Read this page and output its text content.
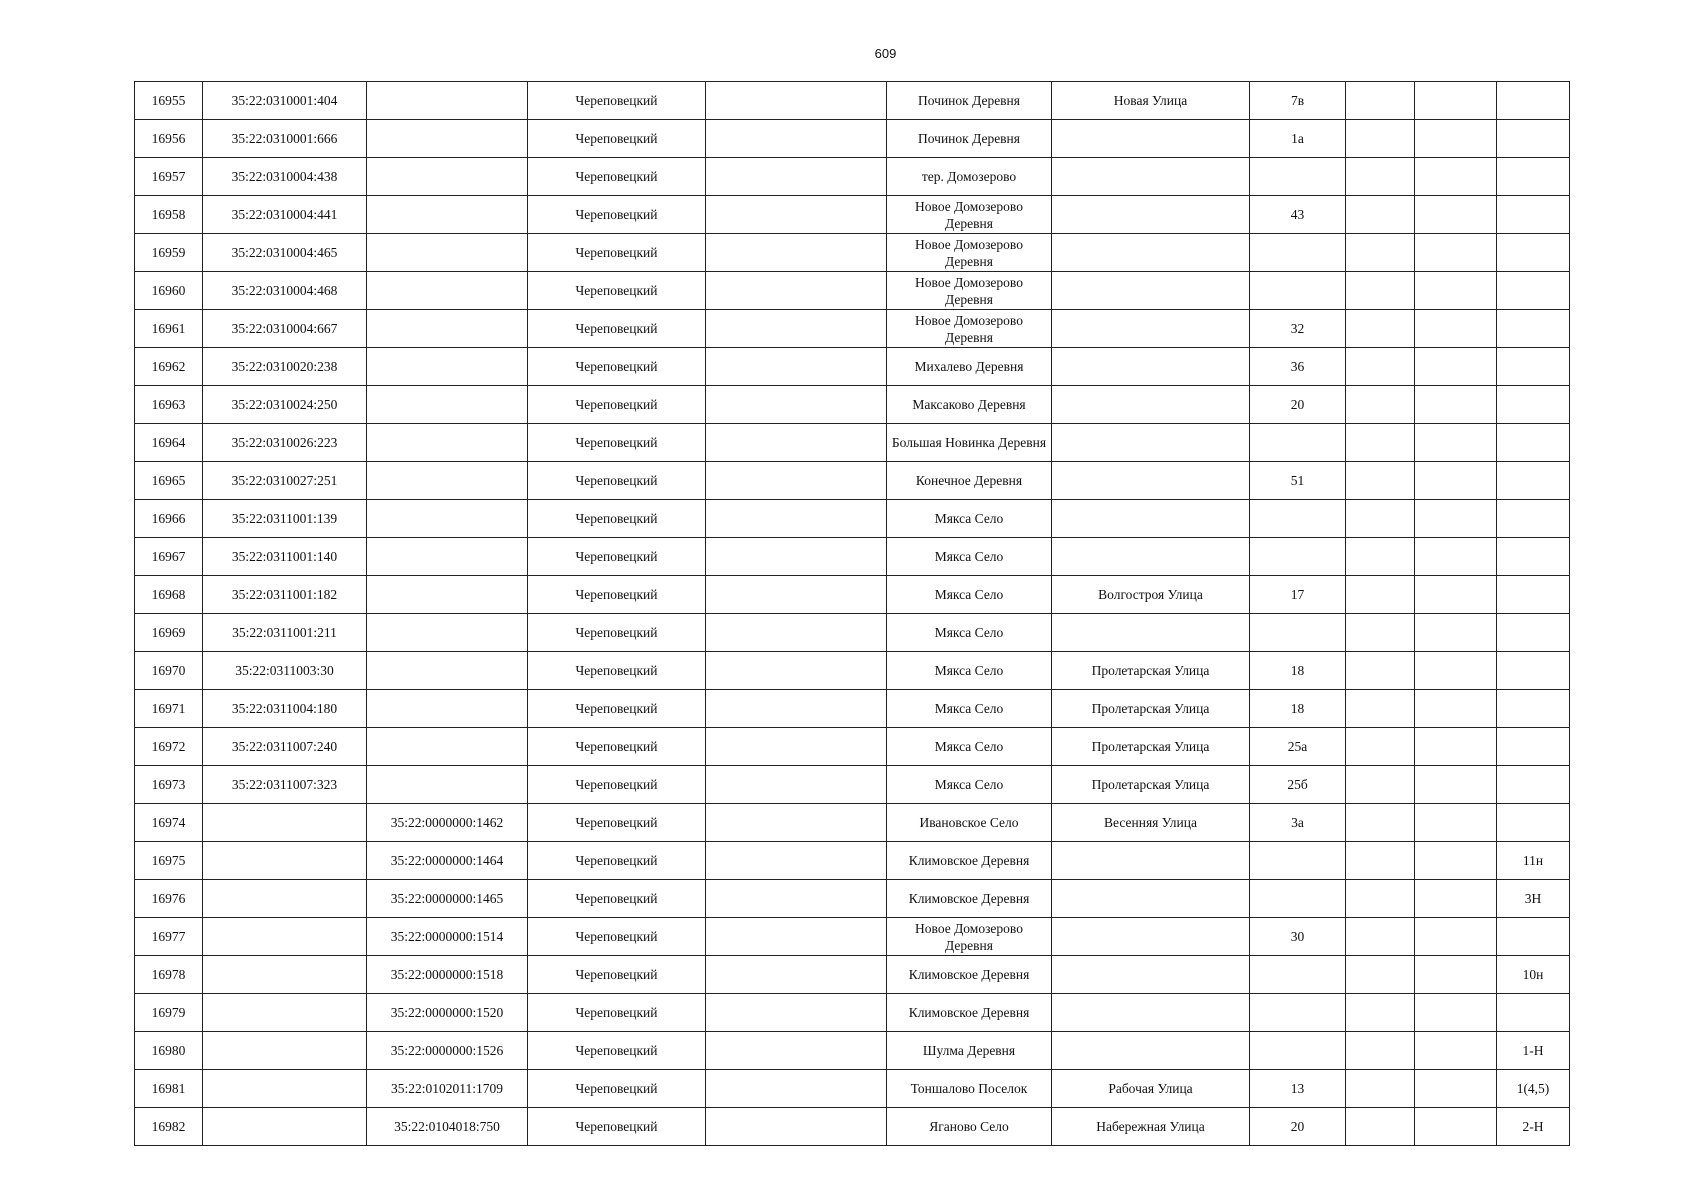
609
16955	35:22:0310001:404		Череповецкий		Починок Деревня	Новая Улица	7в			
16956	35:22:0310001:666		Череповецкий		Починок Деревня		1а			
16957	35:22:0310004:438		Череповецкий		тер. Домозерово					
16958	35:22:0310004:441		Череповецкий		Новое Домозерово Деревня		43			
16959	35:22:0310004:465		Череповецкий		Новое Домозерово Деревня					
16960	35:22:0310004:468		Череповецкий		Новое Домозерово Деревня					
16961	35:22:0310004:667		Череповецкий		Новое Домозерово Деревня		32			
16962	35:22:0310020:238		Череповецкий		Михалево Деревня		36			
16963	35:22:0310024:250		Череповецкий		Максаково Деревня		20			
16964	35:22:0310026:223		Череповецкий		Большая Новинка Деревня					
16965	35:22:0310027:251		Череповецкий		Конечное Деревня		51			
16966	35:22:0311001:139		Череповецкий		Мякса Село					
16967	35:22:0311001:140		Череповецкий		Мякса Село					
16968	35:22:0311001:182		Череповецкий		Мякса Село	Волгостроя Улица	17			
16969	35:22:0311001:211		Череповецкий		Мякса Село					
16970	35:22:0311003:30		Череповецкий		Мякса Село	Пролетарская Улица	18			
16971	35:22:0311004:180		Череповецкий		Мякса Село	Пролетарская Улица	18			
16972	35:22:0311007:240		Череповецкий		Мякса Село	Пролетарская Улица	25а			
16973	35:22:0311007:323		Череповецкий		Мякса Село	Пролетарская Улица	25б			
16974		35:22:0000000:1462	Череповецкий		Ивановское Село	Весенняя Улица	3а			
16975		35:22:0000000:1464	Череповецкий		Климовское Деревня					11н
16976		35:22:0000000:1465	Череповецкий		Климовское Деревня					3Н
16977		35:22:0000000:1514	Череповецкий		Новое Домозерово Деревня		30			
16978		35:22:0000000:1518	Череповецкий		Климовское Деревня					10н
16979		35:22:0000000:1520	Череповецкий		Климовское Деревня					
16980		35:22:0000000:1526	Череповецкий		Шулма Деревня					1-Н
16981		35:22:0102011:1709	Череповецкий		Тоншалово Поселок	Рабочая Улица	13			1(4,5)
16982		35:22:0104018:750	Череповецкий		Яганово Село	Набережная Улица	20			2-Н
